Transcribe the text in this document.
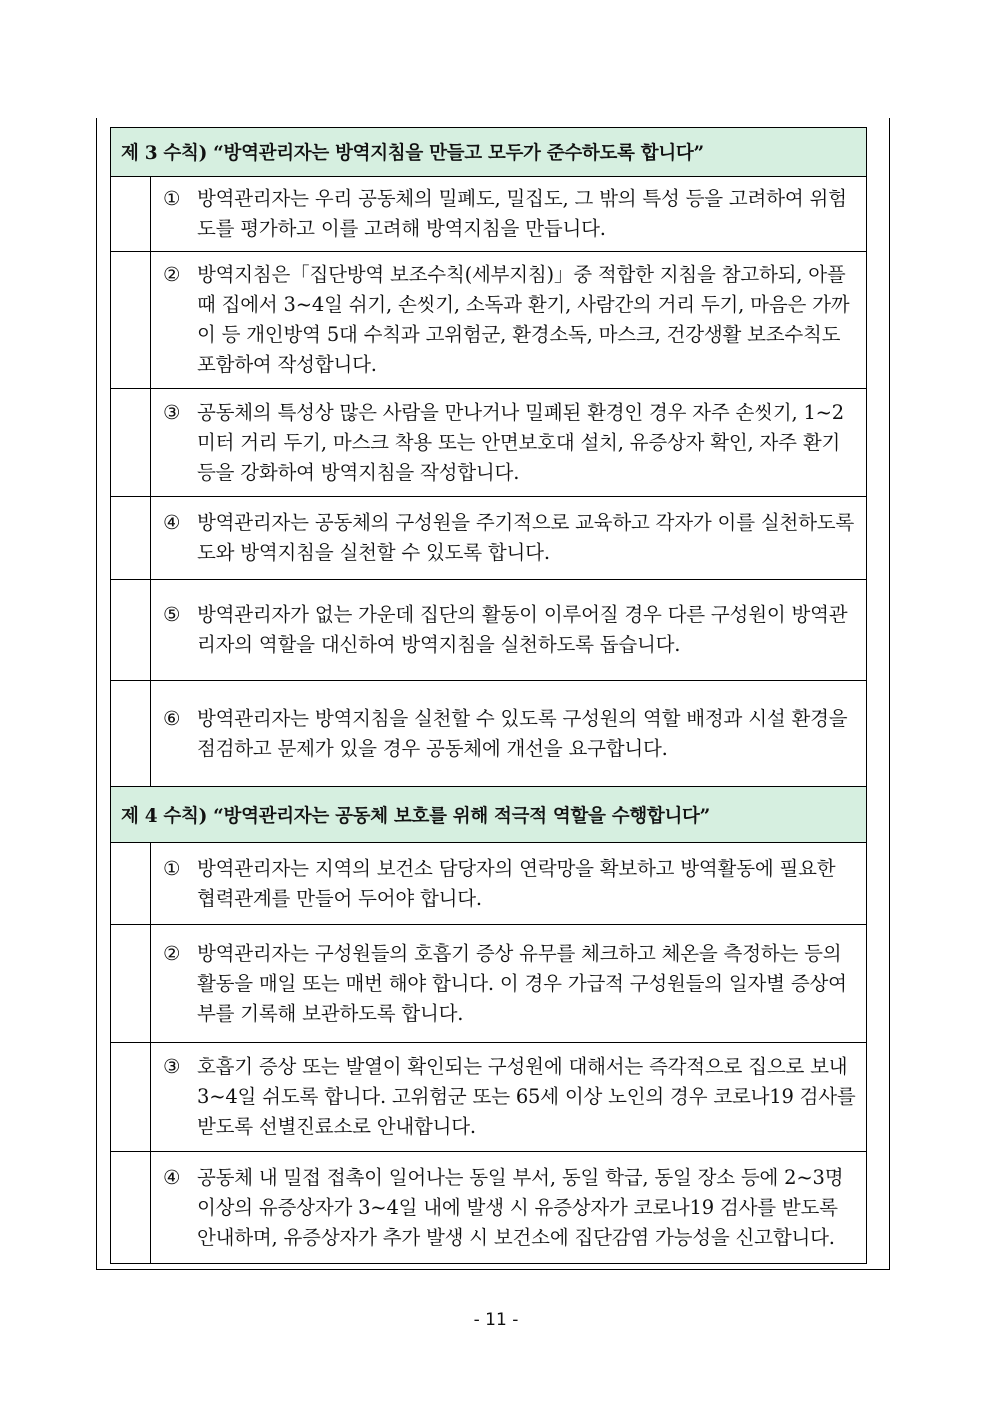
제 3 수칙) “방역관리자는 방역지침을 만들고 모두가 준수하도록 합니다”	

	① 방역관리자는 우리 공동체의 밀폐도, 밀집도, 그 밖의 특성 등을 고려하여 위험도를 평가하고 이를 고려해 방역지침을 만듭니다.

	② 방역지침은「집단방역 보조수칙(세부지침)」중 적합한 지침을 참고하되, 아플 때 집에서 3~4일 쉬기, 손씻기, 소독과 환기, 사람간의 거리 두기, 마음은 가까이 등 개인방역 5대 수칙과 고위험군, 환경소독, 마스크, 건강생활 보조수칙도 포함하여 작성합니다.

	③ 공동체의 특성상 많은 사람을 만나거나 밀폐된 환경인 경우 자주 손씻기, 1~2미터 거리 두기, 마스크 착용 또는 안면보호대 설치, 유증상자 확인, 자주 환기 등을 강화하여 방역지침을 작성합니다.

	④ 방역관리자는 공동체의 구성원을 주기적으로 교육하고 각자가 이를 실천하도록 도와 방역지침을 실천할 수 있도록 합니다.

	⑤ 방역관리자가 없는 가운데 집단의 활동이 이루어질 경우 다른 구성원이 방역관리자의 역할을 대신하여 방역지침을 실천하도록 돕습니다.

	⑥ 방역관리자는 방역지침을 실천할 수 있도록 구성원의 역할 배정과 시설 환경을 점검하고 문제가 있을 경우 공동체에 개선을 요구합니다.

제 4 수칙) “방역관리자는 공동체 보호를 위해 적극적 역할을 수행합니다”	

	① 방역관리자는 지역의 보건소 담당자의 연락망을 확보하고 방역활동에 필요한 협력관계를 만들어 두어야 합니다.

	② 방역관리자는 구성원들의 호흡기 증상 유무를 체크하고 체온을 측정하는 등의 활동을 매일 또는 매번 해야 합니다. 이 경우 가급적 구성원들의 일자별 증상여부를 기록해 보관하도록 합니다.

	③ 호흡기 증상 또는 발열이 확인되는 구성원에 대해서는 즉각적으로 집으로 보내 3~4일 쉬도록 합니다. 고위험군 또는 65세 이상 노인의 경우 코로나19 검사를 받도록 선별진료소로 안내합니다.

	④ 공동체 내 밀접 접촉이 일어나는 동일 부서, 동일 학급, 동일 장소 등에 2~3명 이상의 유증상자가 3~4일 내에 발생 시 유증상자가 코로나19 검사를 받도록 안내하며, 유증상자가 추가 발생 시 보건소에 집단감염 가능성을 신고합니다.
- 11 -
